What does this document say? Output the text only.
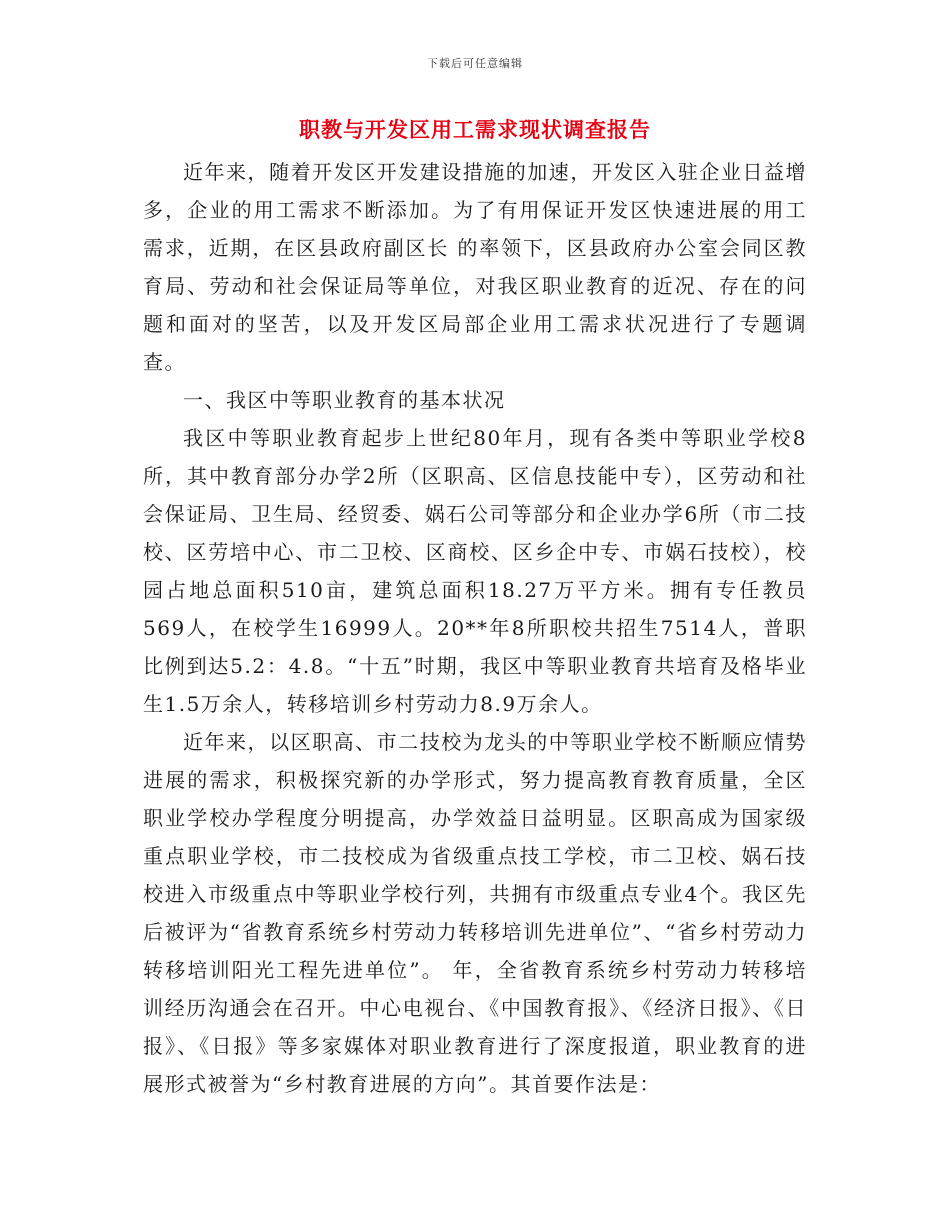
下载后可任意编辑
职教与开发区用工需求现状调查报告

近年来，随着开发区开发建设措施的加速，开发区入驻企业日益增多，企业的用工需求不断添加。为了有用保证开发区快速进展的用工需求，近期，在区县政府副区长 的率领下，区县政府办公室会同区教育局、劳动和社会保证局等单位，对我区职业教育的近况、存在的问题和面对的坚苦，以及开发区局部企业用工需求状况进行了专题调查。

一、我区中等职业教育的基本状况

我区中等职业教育起步上世纪80年月，现有各类中等职业学校8所，其中教育部分办学2所（区职高、区信息技能中专），区劳动和社会保证局、卫生局、经贸委、娲石公司等部分和企业办学6所（市二技校、区劳培中心、市二卫校、区商校、区乡企中专、市娲石技校），校园占地总面积510亩，建筑总面积18.27万平方米。拥有专任教员569人，在校学生16999人。20**年8所职校共招生7514人，普职比例到达5.2：4.8。“十五”时期，我区中等职业教育共培育及格毕业生1.5万余人，转移培训乡村劳动力8.9万余人。

近年来，以区职高、市二技校为龙头的中等职业学校不断顺应情势进展的需求，积极探究新的办学形式，努力提高教育教育质量，全区职业学校办学程度分明提高，办学效益日益明显。区职高成为国家级重点职业学校，市二技校成为省级重点技工学校，市二卫校、娲石技校进入市级重点中等职业学校行列，共拥有市级重点专业4个。我区先后被评为“省教育系统乡村劳动力转移培训先进单位”、“省乡村劳动力转移培训阳光工程先进单位”。 年，全省教育系统乡村劳动力转移培训经历沟通会在召开。中心电视台、《中国教育报》、《经济日报》、《日报》、《日报》等多家媒体对职业教育进行了深度报道，职业教育的进展形式被誉为“乡村教育进展的方向”。其首要作法是：
